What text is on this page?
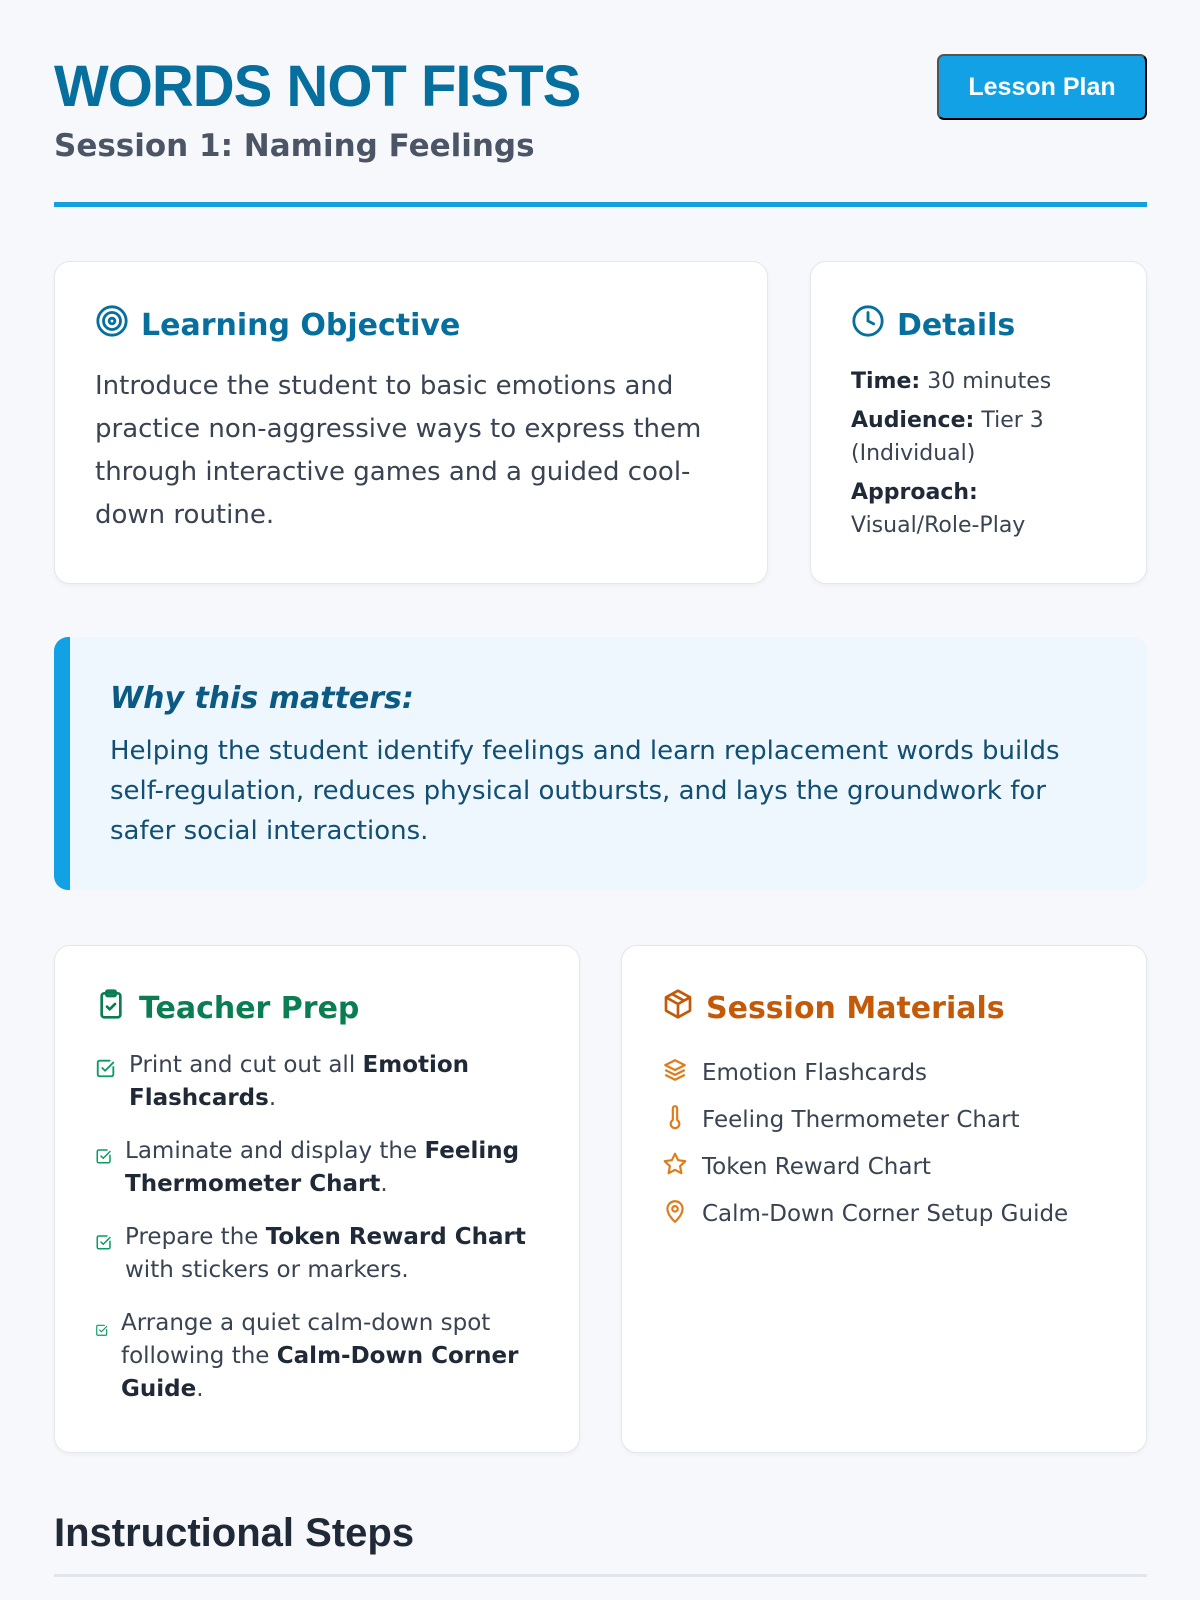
WORDS NOT FISTS
Session 1: Naming Feelings
Lesson Plan
Learning Objective

Introduce the student to basic emotions and practice non-aggressive ways to express them through interactive games and a guided cool-down routine.

Details
Time: 30 minutes
Audience: Tier 3 (Individual)
Approach: Visual/Role-Play
Why this matters:

Helping the student identify feelings and learn replacement words builds self-regulation, reduces physical outbursts, and lays the groundwork for safer social interactions.

Teacher Prep
Print and cut out all Emotion Flashcards.
Laminate and display the Feeling Thermometer Chart.
Prepare the Token Reward Chart with stickers or markers.
Arrange a quiet calm-down spot following the Calm-Down Corner Guide.
Session Materials
Emotion Flashcards
Feeling Thermometer Chart
Token Reward Chart
Calm-Down Corner Setup Guide
Instructional Steps
